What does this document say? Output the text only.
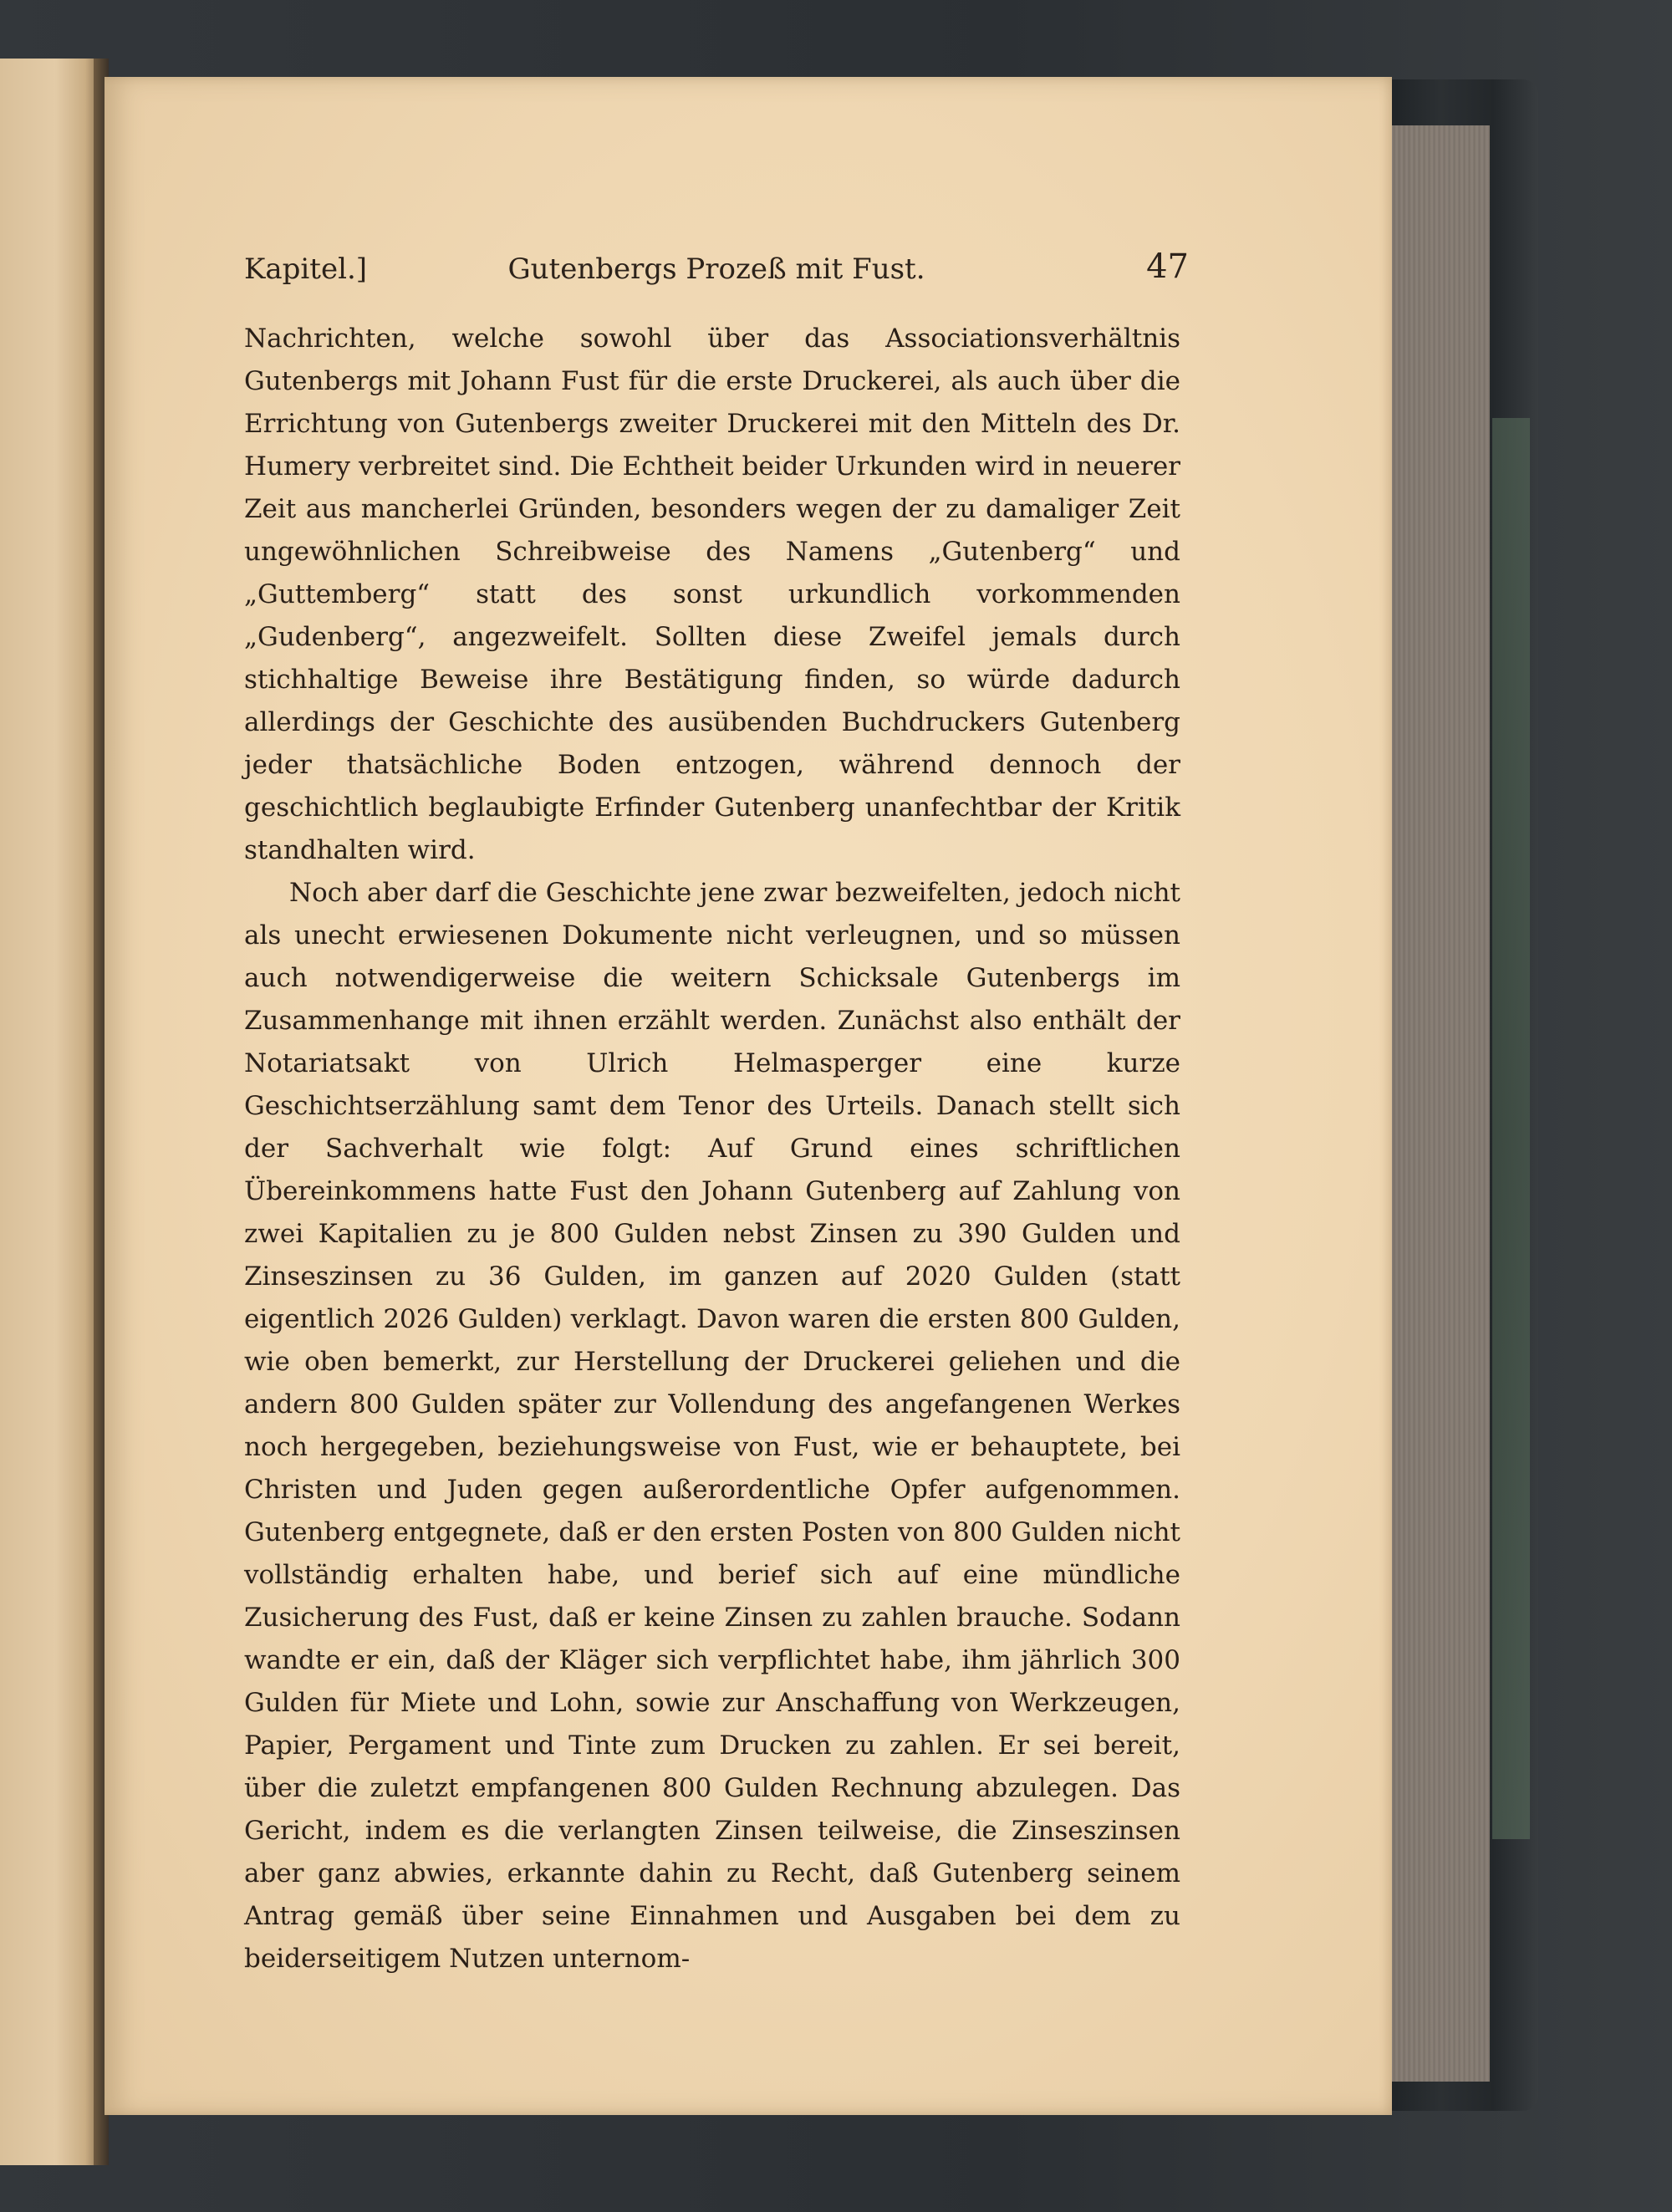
Kapitel.]	Gutenbergs Prozeß mit Fust.	47

Nachrichten, welche sowohl über das Associationsverhältnis Gutenbergs mit Johann Fust für die erste Druckerei, als auch über die Errichtung von Gutenbergs zweiter Druckerei mit den Mitteln des Dr. Humery verbreitet sind. Die Echtheit beider Urkunden wird in neuerer Zeit aus mancherlei Gründen, besonders wegen der zu damaliger Zeit ungewöhnlichen Schreibweise des Namens „Gutenberg“ und „Guttemberg“ statt des sonst urkundlich vorkommenden „Gudenberg“, angezweifelt. Sollten diese Zweifel jemals durch stichhaltige Beweise ihre Bestätigung finden, so würde dadurch allerdings der Geschichte des ausübenden Buchdruckers Gutenberg jeder thatsächliche Boden entzogen, während dennoch der geschichtlich beglaubigte Erfinder Gutenberg unanfechtbar der Kritik standhalten wird.

Noch aber darf die Geschichte jene zwar bezweifelten, jedoch nicht als unecht erwiesenen Dokumente nicht verleugnen, und so müssen auch notwendigerweise die weitern Schicksale Gutenbergs im Zusammenhange mit ihnen erzählt werden. Zunächst also enthält der Notariatsakt von Ulrich Helmasperger eine kurze Geschichtserzählung samt dem Tenor des Urteils. Danach stellt sich der Sachverhalt wie folgt: Auf Grund eines schriftlichen Übereinkommens hatte Fust den Johann Gutenberg auf Zahlung von zwei Kapitalien zu je 800 Gulden nebst Zinsen zu 390 Gulden und Zinseszinsen zu 36 Gulden, im ganzen auf 2020 Gulden (statt eigentlich 2026 Gulden) verklagt. Davon waren die ersten 800 Gulden, wie oben bemerkt, zur Herstellung der Druckerei geliehen und die andern 800 Gulden später zur Vollendung des angefangenen Werkes noch hergegeben, beziehungsweise von Fust, wie er behauptete, bei Christen und Juden gegen außerordentliche Opfer aufgenommen. Gutenberg entgegnete, daß er den ersten Posten von 800 Gulden nicht vollständig erhalten habe, und berief sich auf eine mündliche Zusicherung des Fust, daß er keine Zinsen zu zahlen brauche. Sodann wandte er ein, daß der Kläger sich verpflichtet habe, ihm jährlich 300 Gulden für Miete und Lohn, sowie zur Anschaffung von Werkzeugen, Papier, Pergament und Tinte zum Drucken zu zahlen. Er sei bereit, über die zuletzt empfangenen 800 Gulden Rechnung abzulegen. Das Gericht, indem es die verlangten Zinsen teilweise, die Zinseszinsen aber ganz abwies, erkannte dahin zu Recht, daß Gutenberg seinem Antrag gemäß über seine Einnahmen und Ausgaben bei dem zu beiderseitigem Nutzen unternom-
